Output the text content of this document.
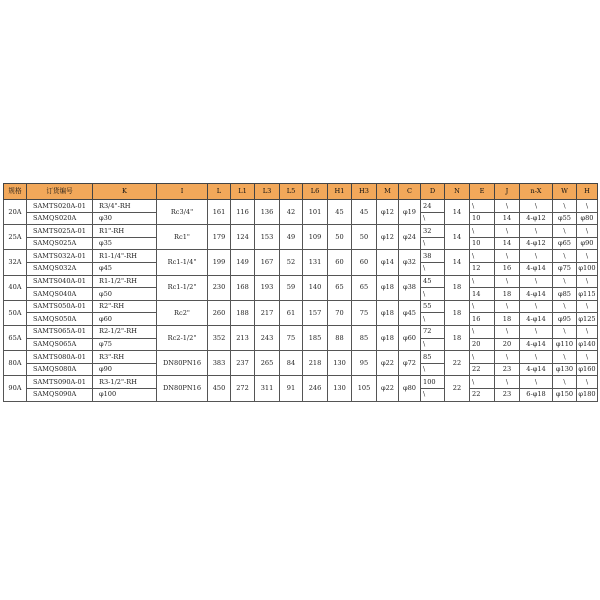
规格	订货编号	K	I	L	L1	L3	L5	L6	H1	H3	M	C	D	N	E	J	n-X	W	H
20A	SAMTS020A-01	R3/4"-RH	Rc3/4"	161	116	136	42	101	45	45	φ12	φ19	24	14	\	\	\	\	\
	SAMQS020A	φ30											\		10	14	4-φ12	φ55	φ80
25A	SAMTS025A-01	R1"-RH	Rc1"	179	124	153	49	109	50	50	φ12	φ24	32	14	\	\	\	\	\
	SAMQS025A	φ35											\		10	14	4-φ12	φ65	φ90
32A	SAMTS032A-01	R1-1/4"-RH	Rc1-1/4"	199	149	167	52	131	60	60	φ14	φ32	38	14	\	\	\	\	\
	SAMQS032A	φ45											\		12	16	4-φ14	φ75	φ100
40A	SAMTS040A-01	R1-1/2"-RH	Rc1-1/2"	230	168	193	59	140	65	65	φ18	φ38	45	18	\	\	\	\	\
	SAMQS040A	φ50											\		14	18	4-φ14	φ85	φ115
50A	SAMTS050A-01	R2"-RH	Rc2"	260	188	217	61	157	70	75	φ18	φ45	55	18	\	\	\	\	\
	SAMQS050A	φ60											\		16	18	4-φ14	φ95	φ125
65A	SAMTS065A-01	R2-1/2"-RH	Rc2-1/2"	352	213	243	75	185	88	85	φ18	φ60	72	18	\	\	\	\	\
	SAMQS065A	φ75											\		20	20	4-φ14	φ110	φ140
80A	SAMTS080A-01	R3"-RH	DN80PN16	383	237	265	84	218	130	95	φ22	φ72	85	22	\	\	\	\	\
	SAMQS080A	φ90											\		22	23	4-φ14	φ130	φ160
90A	SAMTS090A-01	R3-1/2"-RH	DN80PN16	450	272	311	91	246	130	105	φ22	φ80	100	22	\	\	\	\	\
	SAMQS090A	φ100											\		22	23	6-φ18	φ150	φ180
